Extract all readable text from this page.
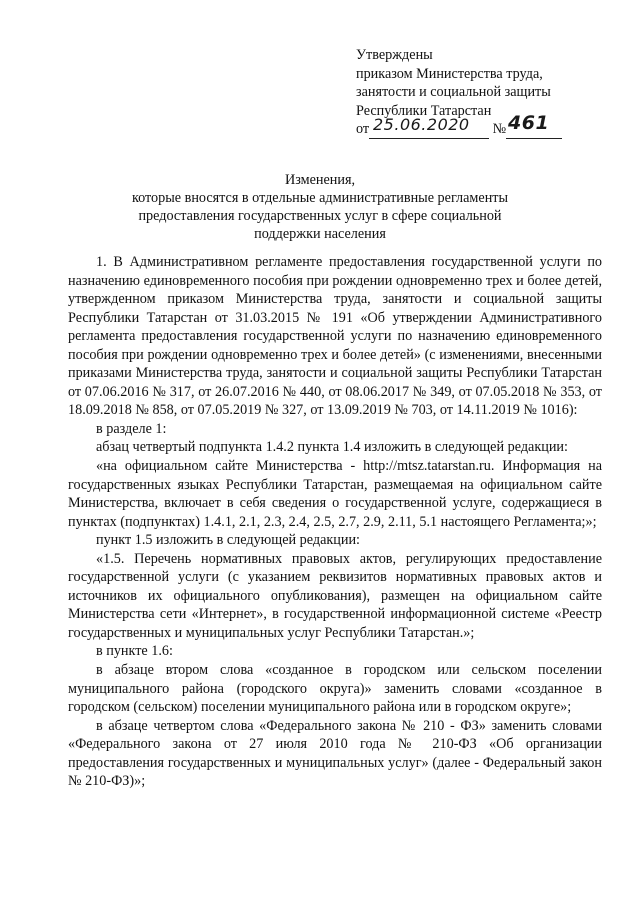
Утверждены
приказом Министерства труда,
занятости и социальной защиты
Республики Татарстан
от	№
25.06.2020 461
Изменения,
которые вносятся в отдельные административные регламенты
предоставления государственных услуг в сфере социальной
поддержки населения

1. В Административном регламенте предоставления государственной услуги по назначению единовременного пособия при рождении одновременно трех и более детей, утвержденном приказом Министерства труда, занятости и социальной защиты Республики Татарстан от 31.03.2015 № 191 «Об утверждении Административного регламента предоставления государственной услуги по назначению единовременного пособия при рождении одновременно трех и более детей» (с изменениями, внесенными приказами Министерства труда, занятости и социальной защиты Республики Татарстан от 07.06.2016 № 317, от 26.07.2016 № 440, от 08.06.2017 № 349, от 07.05.2018 № 353, от 18.09.2018 № 858, от 07.05.2019 № 327, от 13.09.2019 № 703, от 14.11.2019 № 1016):

в разделе 1:

абзац четвертый подпункта 1.4.2 пункта 1.4 изложить в следующей редакции:

«на официальном сайте Министерства - http://mtsz.tatarstan.ru. Информация на государственных языках Республики Татарстан, размещаемая на официальном сайте Министерства, включает в себя сведения о государственной услуге, содержащиеся в пунктах (подпунктах) 1.4.1, 2.1, 2.3, 2.4, 2.5, 2.7, 2.9, 2.11, 5.1 настоящего Регламента;»;

пункт 1.5 изложить в следующей редакции:

«1.5. Перечень нормативных правовых актов, регулирующих предоставление государственной услуги (с указанием реквизитов нормативных правовых актов и источников их официального опубликования), размещен на официальном сайте Министерства сети «Интернет», в государственной информационной системе «Реестр государственных и муниципальных услуг Республики Татарстан.»;

в пункте 1.6:

в абзаце втором слова «созданное в городском или сельском поселении муниципального района (городского округа)» заменить словами «созданное в городском (сельском) поселении муниципального района или в городском округе»;

в абзаце четвертом слова «Федерального закона № 210 - ФЗ» заменить словами «Федерального закона от 27 июля 2010 года № 210-ФЗ «Об организации предоставления государственных и муниципальных услуг» (далее - Федеральный закон № 210-ФЗ)»;
